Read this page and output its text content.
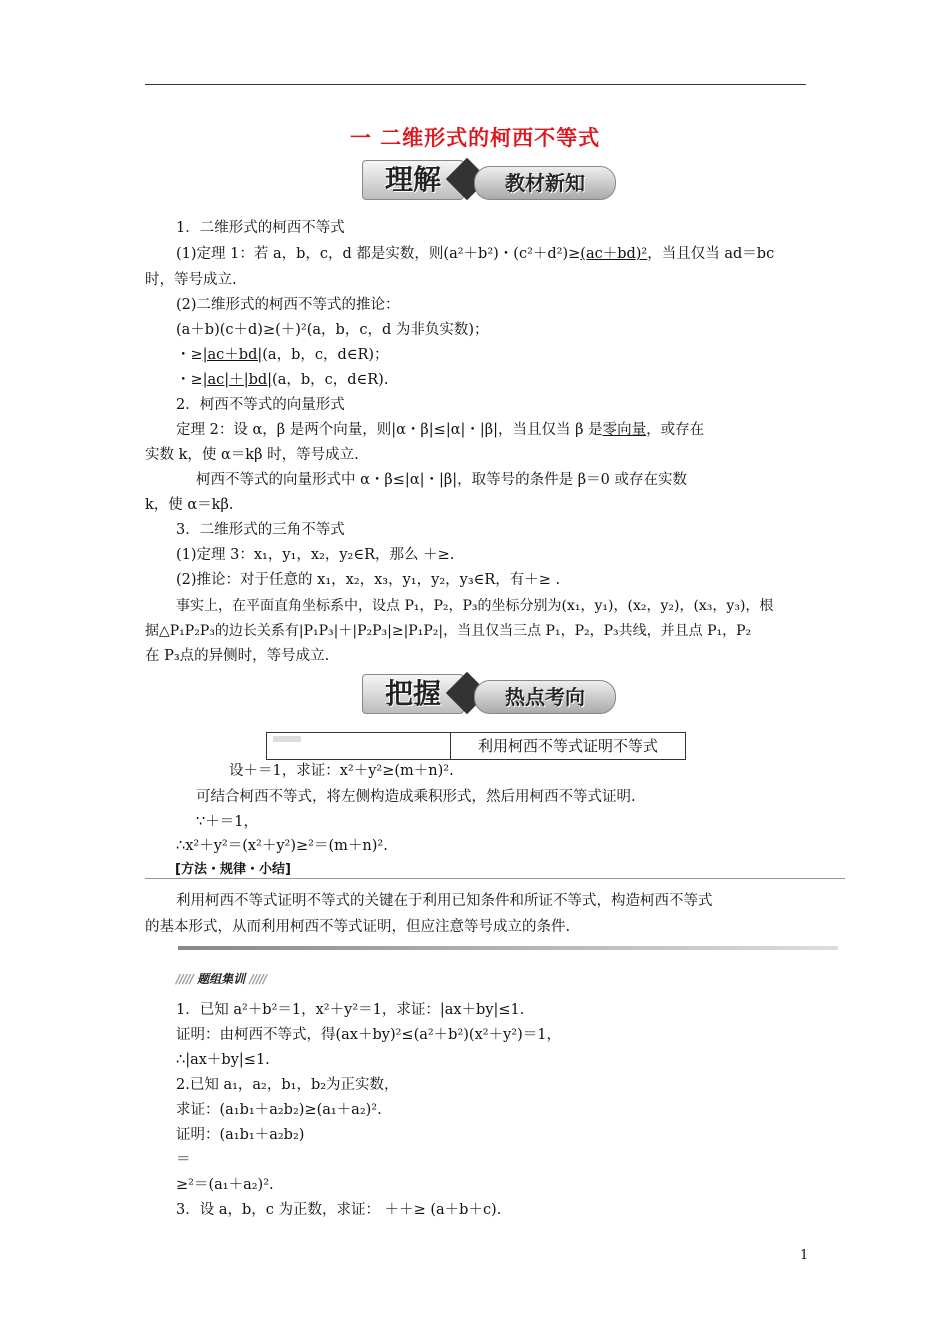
一 二维形式的柯西不等式
理解	教材新知
1．二维形式的柯西不等式
(1)定理 1：若 a，b，c，d 都是实数，则(a²＋b²)・(c²＋d²)≥(ac＋bd)²，当且仅当 ad＝bc
时，等号成立.
(2)二维形式的柯西不等式的推论：
(a＋b)(c＋d)≥(＋)²(a，b，c，d 为非负实数)；
・≥|ac＋bd|(a，b，c，d∈R)；
・≥|ac|＋|bd|(a，b，c，d∈R).
2．柯西不等式的向量形式
定理 2：设 α，β 是两个向量，则|α・β|≤|α|・|β|，当且仅当 β 是零向量，或存在
实数 k，使 α＝kβ 时，等号成立.
柯西不等式的向量形式中 α・β≤|α|・|β|，取等号的条件是 β＝0 或存在实数
k，使 α＝kβ.
3．二维形式的三角不等式
(1)定理 3：x₁，y₁，x₂，y₂∈R，那么 ＋≥.
(2)推论：对于任意的 x₁，x₂，x₃，y₁，y₂，y₃∈R，有＋≥ .
事实上，在平面直角坐标系中，设点 P₁，P₂，P₃的坐标分别为(x₁，y₁)，(x₂，y₂)，(x₃，y₃)，根
据△P₁P₂P₃的边长关系有|P₁P₃|＋|P₂P₃|≥|P₁P₂|，当且仅当三点 P₁，P₂，P₃共线，并且点 P₁，P₂
在 P₃点的异侧时，等号成立.
把握	热点考向
利用柯西不等式证明不等式
设＋＝1，求证：x²＋y²≥(m＋n)².
可结合柯西不等式，将左侧构造成乘积形式，然后用柯西不等式证明.
∵＋＝1，
∴x²＋y²＝(x²＋y²)≥²＝(m＋n)².
[方法・规律・小结]
利用柯西不等式证明不等式的关键在于利用已知条件和所证不等式，构造柯西不等式
的基本形式，从而利用柯西不等式证明，但应注意等号成立的条件.
///// 题组集训 /////
1．已知 a²＋b²＝1，x²＋y²＝1，求证：|ax＋by|≤1.
证明：由柯西不等式，得(ax＋by)²≤(a²＋b²)(x²＋y²)＝1，
∴|ax＋by|≤1.
2.已知 a₁，a₂，b₁，b₂为正实数，
求证：(a₁b₁＋a₂b₂)≥(a₁＋a₂)².
证明：(a₁b₁＋a₂b₂)
＝
≥²＝(a₁＋a₂)².
3．设 a，b，c 为正数，求证： ＋＋≥ (a＋b＋c).
1
